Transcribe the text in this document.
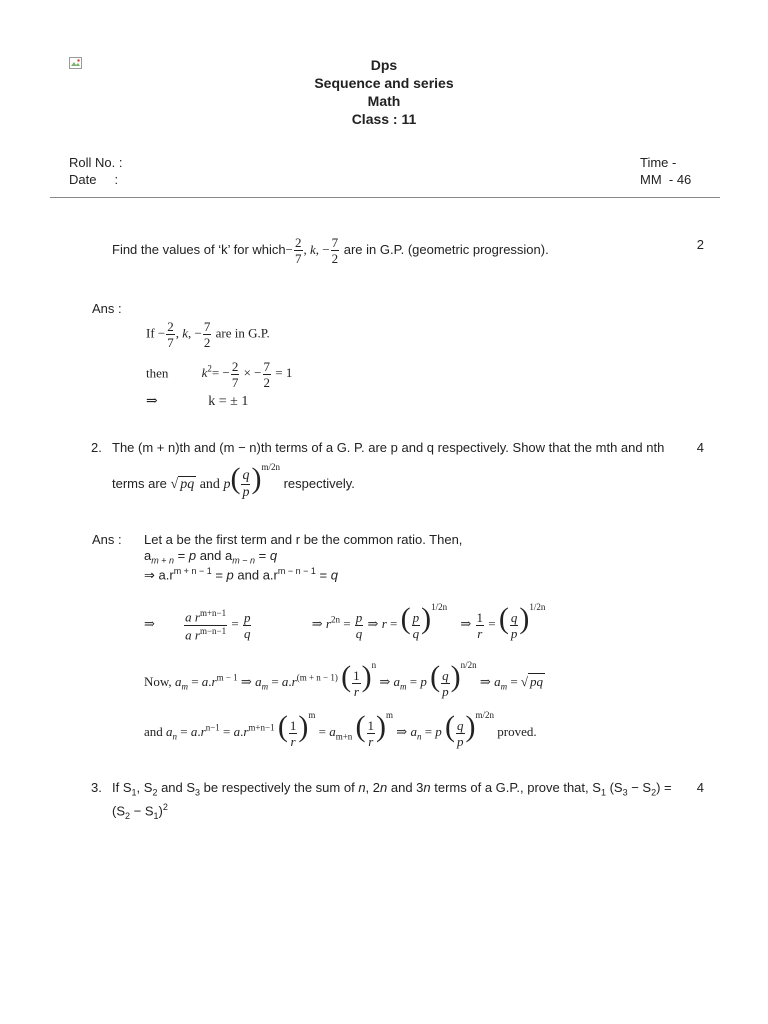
Dps
Sequence and series
Math
Class : 11
Roll No. :
Date     :
Time -
MM  - 46
Find the values of ‘k’ for which− $\frac{2}{7}$ , k, − $\frac{7}{2}$ are in G.P. (geometric progression).	2
Ans :
$If - \frac{2}{7}$ , k, − $\frac{7}{2}$ are in G.P.
then	$k^2= - \frac{2}{7}$ × − $\frac{7}{2} = 1$
⇒	k = ± 1
2. The (m + n)th and (m − n)th terms of a G. P. are p and q respectively. Show that the mth and nth 4
terms are √ pq and $p( \frac{q}{p} )^{m/2n}$ respectively.
Ans : Let a be the first term and r be the common ratio. Then,
$a_{m + n} = p$ and $a_{m - n} = q$
⇒ $a.r^{m + n - 1} = p$ and $a.r^{m - n - 1} = q$
⇒ $\frac{a r^{m+n-1}}{a r^{m-n-1}} = \frac{p}{q}$	⇒ $r^{2n} = \frac{p}{q}$ ⇒ r = ( $\frac{p}{q} )^{1/2n}$ ⇒ $\frac{1}{r}$ = ( $\frac{q}{p} )^{1/2n}$
Now, $a_m = a.r^{m - 1}$ ⇒ $a_m = a.r^{(m + n - 1)}$ ( $\frac{1}{r} )^n$ ⇒ $a_m = p$ ( $\frac{q}{p} )^{n/2n}$ ⇒ $a_m$ = √ pq
and $a_n = a.r^{n-1} = a.r^{m+n-1}$ ( $\frac{1}{r} )^m = a_{m+n}$ ( $\frac{1}{r} )^m$ ⇒ $a_n = p$ ( $\frac{q}{p} )^{m/2n}$ proved.
3. If $S_1$, $S_2$ and $S_3$ be respectively the sum of n, 2n and 3n terms of a G.P., prove that, $S_1$ $(S_3 - S_2)$ =
$(S_2 - S_1)^2$
4
